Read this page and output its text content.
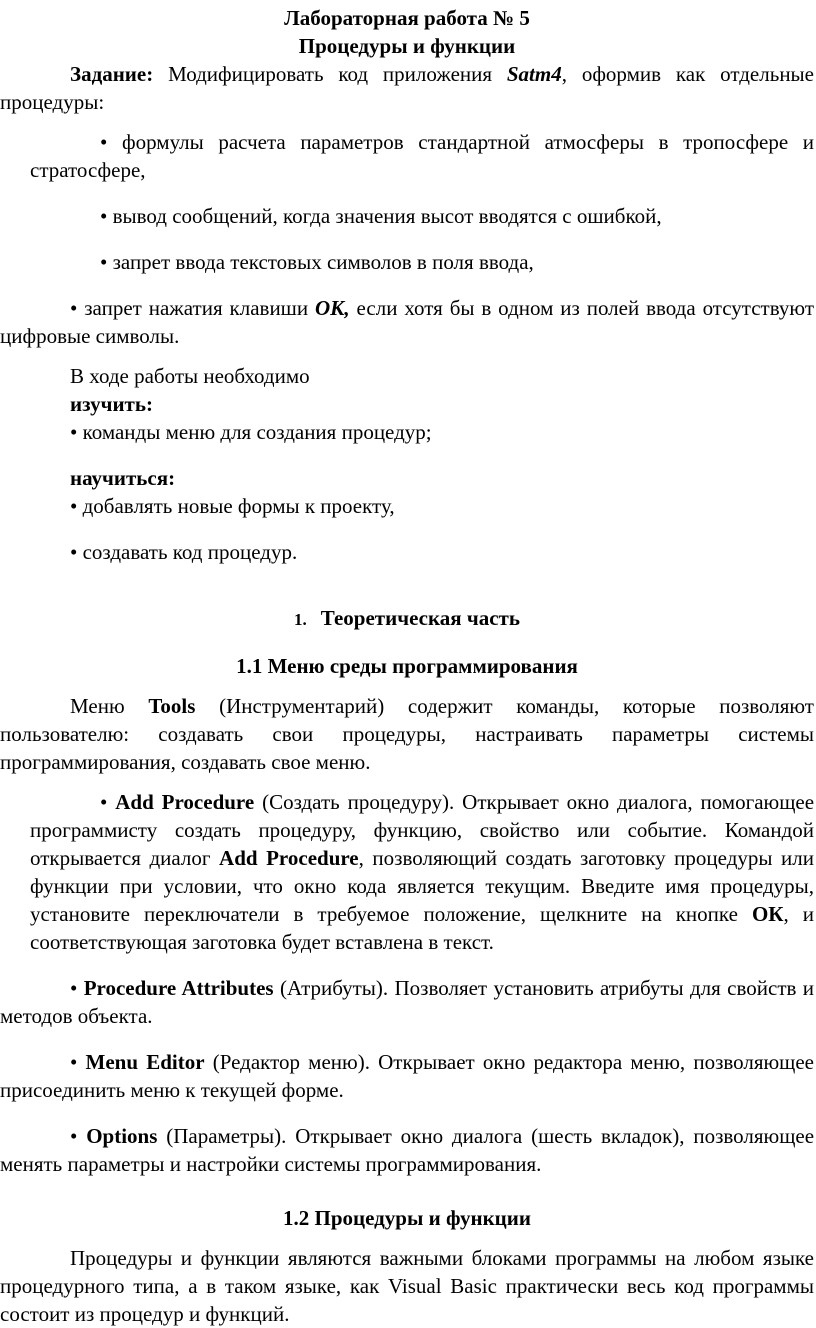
Лабораторная работа № 5

Процедуры и функции

Задание: Модифицировать код приложения Satm4, оформив как отдельные процедуры:

• формулы расчета параметров стандартной атмосферы в тропосфере и стратосфере,

• вывод сообщений, когда значения высот вводятся с ошибкой,

• запрет ввода текстовых символов в поля ввода,

• запрет нажатия клавиши ОК, если хотя бы в одном из полей ввода отсутствуют цифровые символы.

В ходе работы необходимо

изучить:

• команды меню для создания процедур;

научиться:

• добавлять новые формы к проекту,

• создавать код процедур.

1. Теоретическая часть

1.1 Меню среды программирования

Меню Tools (Инструментарий) содержит команды, которые позволяют пользователю: создавать свои процедуры, настраивать параметры системы программирования, создавать свое меню.

• Add Procedure (Создать процедуру). Открывает окно диалога, помогающее программисту создать процедуру, функцию, свойство или событие. Командой открывается диалог Add Procedure, позволяющий создать заготовку процедуры или функции при условии, что окно кода является текущим. Введите имя процедуры, установите переключатели в требуемое положение, щелкните на кнопке ОК, и соответствующая заготовка будет вставлена в текст.

• Procedure Attributes (Атрибуты). Позволяет установить атрибуты для свойств и методов объекта.

• Menu Editor (Редактор меню). Открывает окно редактора меню, позволяющее присоединить меню к текущей форме.

• Options (Параметры). Открывает окно диалога (шесть вкладок), позволяющее менять параметры и настройки системы программирования.

1.2 Процедуры и функции

Процедуры и функции являются важными блоками программы на любом языке процедурного типа, а в таком языке, как Visual Basic практически весь код программы состоит из процедур и функций.
